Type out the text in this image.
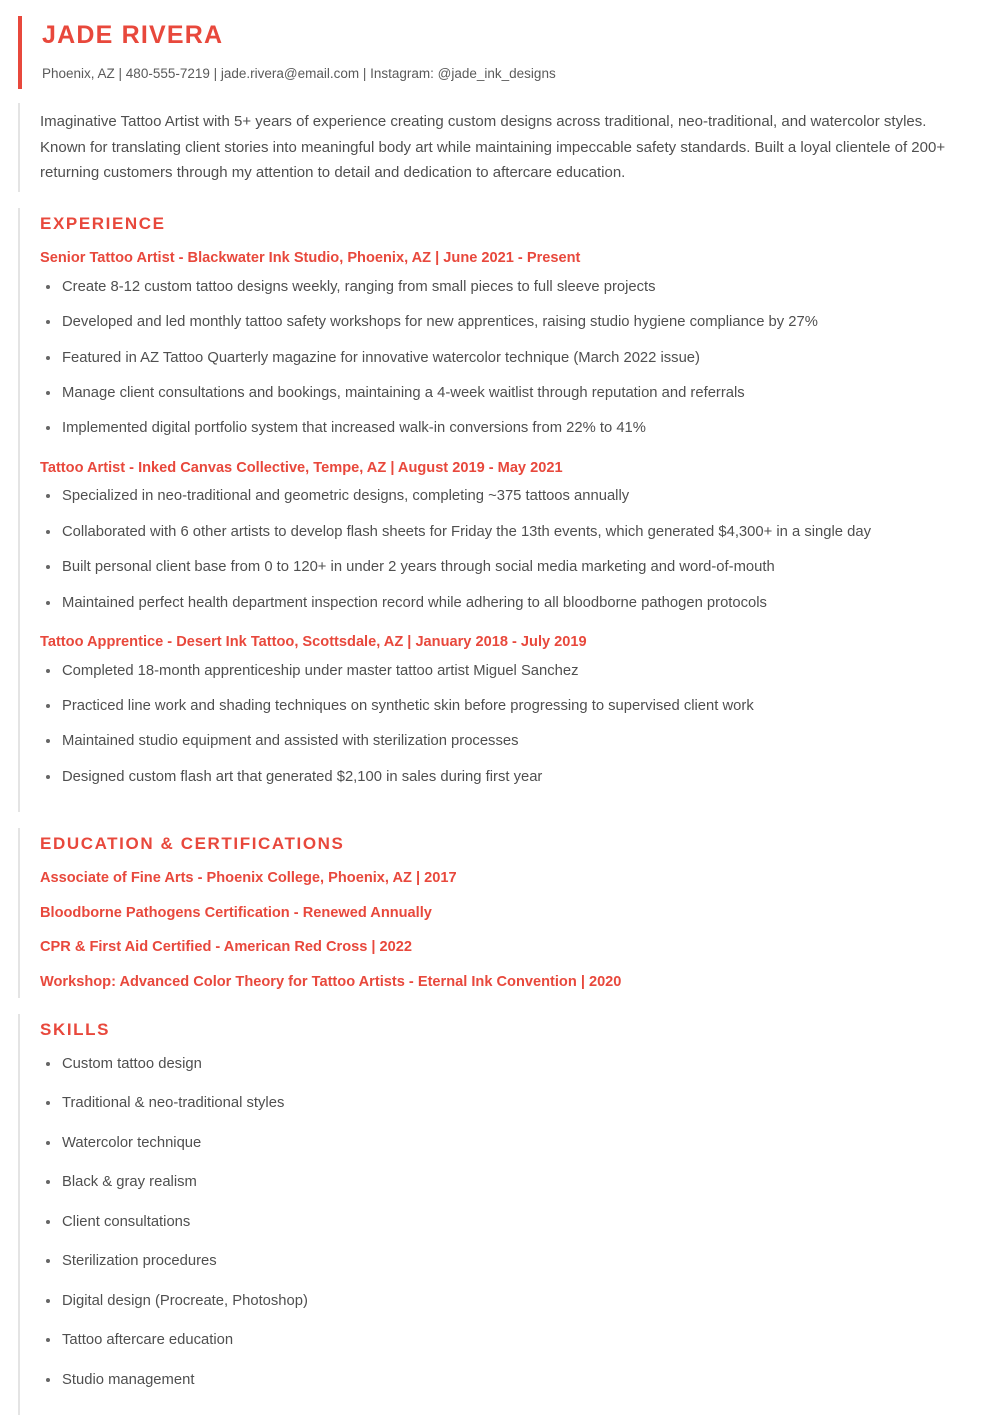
JADE RIVERA
Phoenix, AZ | 480-555-7219 | jade.rivera@email.com | Instagram: @jade_ink_designs

Imaginative Tattoo Artist with 5+ years of experience creating custom designs across traditional, neo-traditional, and watercolor styles. Known for translating client stories into meaningful body art while maintaining impeccable safety standards. Built a loyal clientele of 200+ returning customers through my attention to detail and dedication to aftercare education.

EXPERIENCE
Senior Tattoo Artist - Blackwater Ink Studio, Phoenix, AZ | June 2021 - Present
Create 8-12 custom tattoo designs weekly, ranging from small pieces to full sleeve projects
Developed and led monthly tattoo safety workshops for new apprentices, raising studio hygiene compliance by 27%
Featured in AZ Tattoo Quarterly magazine for innovative watercolor technique (March 2022 issue)
Manage client consultations and bookings, maintaining a 4-week waitlist through reputation and referrals
Implemented digital portfolio system that increased walk-in conversions from 22% to 41%
Tattoo Artist - Inked Canvas Collective, Tempe, AZ | August 2019 - May 2021
Specialized in neo-traditional and geometric designs, completing ~375 tattoos annually
Collaborated with 6 other artists to develop flash sheets for Friday the 13th events, which generated $4,300+ in a single day
Built personal client base from 0 to 120+ in under 2 years through social media marketing and word-of-mouth
Maintained perfect health department inspection record while adhering to all bloodborne pathogen protocols
Tattoo Apprentice - Desert Ink Tattoo, Scottsdale, AZ | January 2018 - July 2019
Completed 18-month apprenticeship under master tattoo artist Miguel Sanchez
Practiced line work and shading techniques on synthetic skin before progressing to supervised client work
Maintained studio equipment and assisted with sterilization processes
Designed custom flash art that generated $2,100 in sales during first year
EDUCATION & CERTIFICATIONS
Associate of Fine Arts - Phoenix College, Phoenix, AZ | 2017
Bloodborne Pathogens Certification - Renewed Annually
CPR & First Aid Certified - American Red Cross | 2022
Workshop: Advanced Color Theory for Tattoo Artists - Eternal Ink Convention | 2020
SKILLS
Custom tattoo design
Traditional & neo-traditional styles
Watercolor technique
Black & gray realism
Client consultations
Sterilization procedures
Digital design (Procreate, Photoshop)
Tattoo aftercare education
Studio management
